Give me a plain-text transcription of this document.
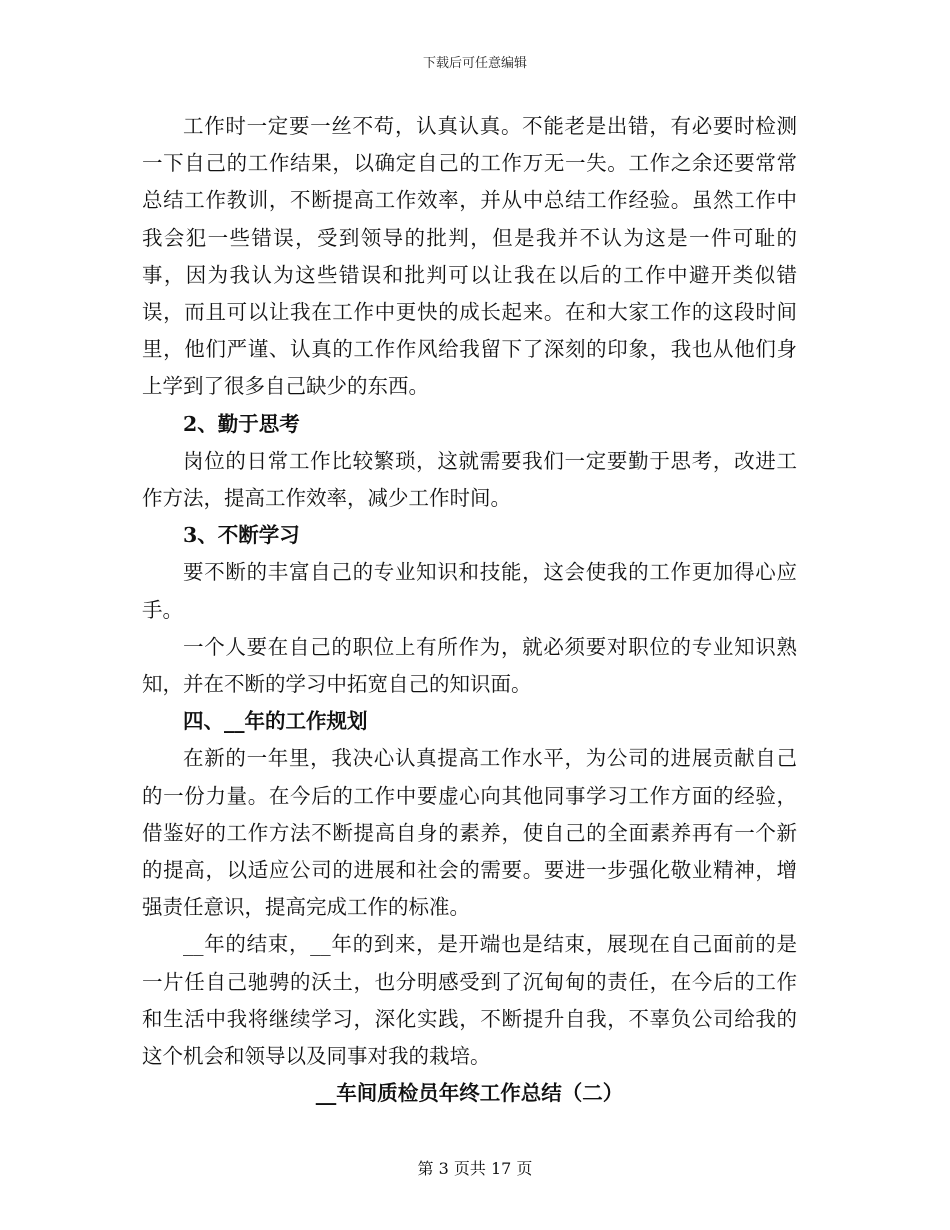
下载后可任意编辑

工作时一定要一丝不苟，认真认真。不能老是出错，有必要时检测一下自己的工作结果，以确定自己的工作万无一失。工作之余还要常常总结工作教训，不断提高工作效率，并从中总结工作经验。虽然工作中我会犯一些错误，受到领导的批判，但是我并不认为这是一件可耻的事，因为我认为这些错误和批判可以让我在以后的工作中避开类似错误，而且可以让我在工作中更快的成长起来。在和大家工作的这段时间里，他们严谨、认真的工作作风给我留下了深刻的印象，我也从他们身上学到了很多自己缺少的东西。

2、勤于思考

岗位的日常工作比较繁琐，这就需要我们一定要勤于思考，改进工作方法，提高工作效率，减少工作时间。

3、不断学习

要不断的丰富自己的专业知识和技能，这会使我的工作更加得心应手。

一个人要在自己的职位上有所作为，就必须要对职位的专业知识熟知，并在不断的学习中拓宽自己的知识面。

四、__年的工作规划

在新的一年里，我决心认真提高工作水平，为公司的进展贡献自己的一份力量。在今后的工作中要虚心向其他同事学习工作方面的经验，借鉴好的工作方法不断提高自身的素养，使自己的全面素养再有一个新的提高，以适应公司的进展和社会的需要。要进一步强化敬业精神，增强责任意识，提高完成工作的标准。

__年的结束，__年的到来，是开端也是结束，展现在自己面前的是一片任自己驰骋的沃土，也分明感受到了沉甸甸的责任，在今后的工作和生活中我将继续学习，深化实践，不断提升自我，不辜负公司给我的这个机会和领导以及同事对我的栽培。

__车间质检员年终工作总结（二）

第 3 页共 17 页
